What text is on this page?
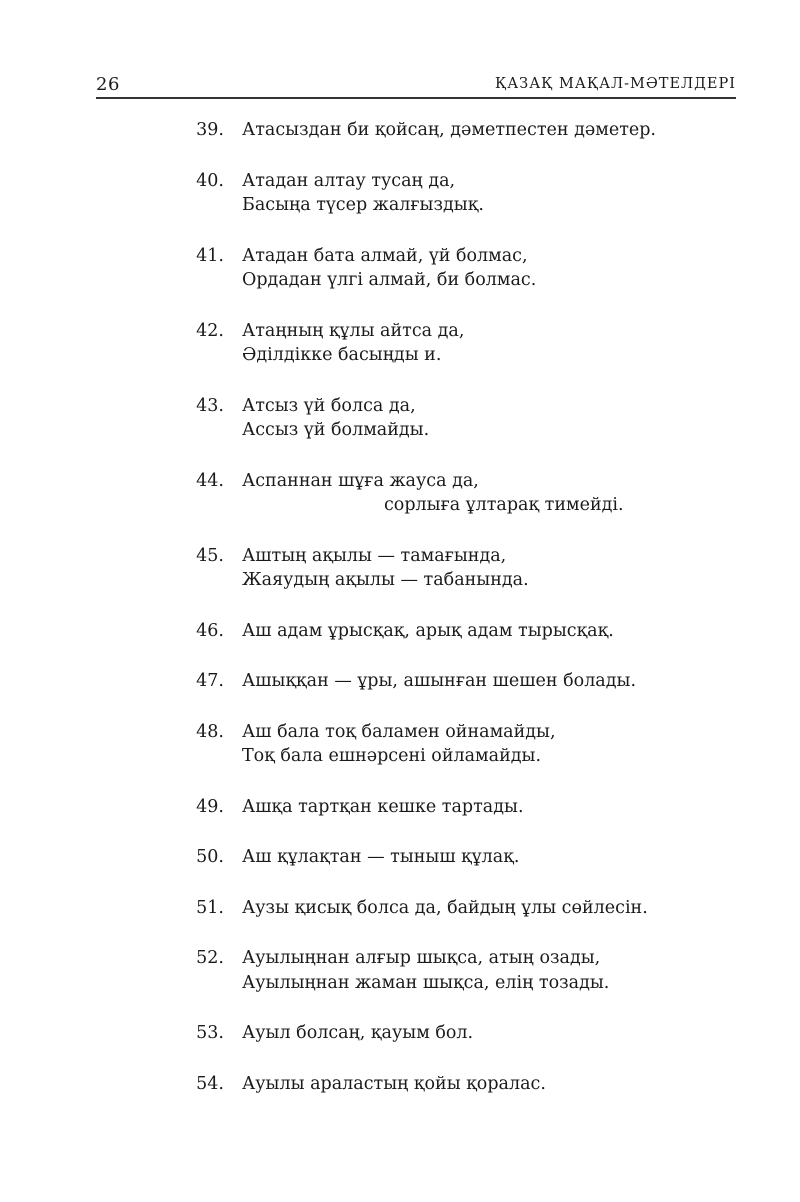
26	ҚАЗАҚ МАҚАЛ-МӘТЕЛДЕРІ
39. Атасыздан би қойсаң, дәметпестен дәметер.
40. Атадан алтау тусаң да,
Басыңа түсер жалғыздық.
41. Атадан бата алмай, үй болмас,
Ордадан үлгі алмай, би болмас.
42. Атаңның құлы айтса да,
Әділдікке басыңды и.
43. Атсыз үй болса да,
Ассыз үй болмайды.
44. Аспаннан шұға жауса да,
сорлыға ұлтарақ тимейді.
45. Аштың ақылы — тамағында,
Жаяудың ақылы — табанында.
46. Аш адам ұрысқақ, арық адам тырысқақ.
47. Ашыққан — ұры, ашынған шешен болады.
48. Аш бала тоқ баламен ойнамайды,
Тоқ бала ешнәрсені ойламайды.
49. Ашқа тартқан кешке тартады.
50. Аш құлақтан — тыныш құлақ.
51. Аузы қисық болса да, байдың ұлы сөйлесін.
52. Ауылыңнан алғыр шықса, атың озады,
Ауылыңнан жаман шықса, елің тозады.
53. Ауыл болсаң, қауым бол.
54. Ауылы араластың қойы қоралас.
